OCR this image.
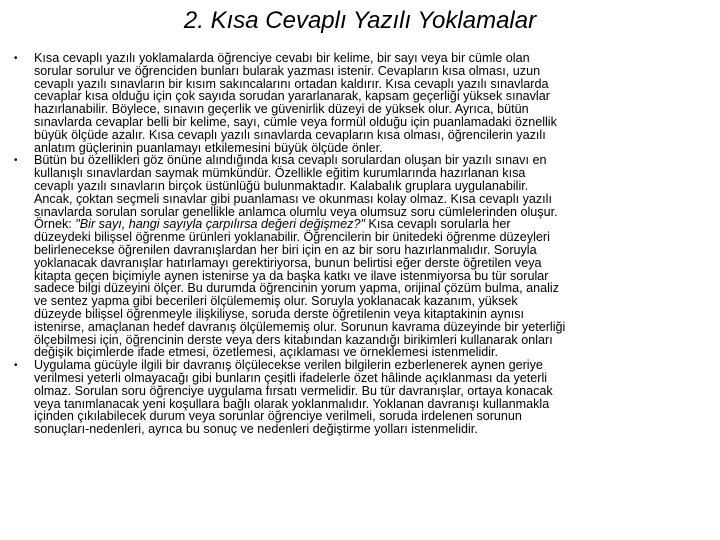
2. Kısa Cevaplı Yazılı Yoklamalar
• Kısa cevaplı yazılı yoklamalarda öğrenciye cevabı bir kelime, bir sayı veya bir cümle olan
sorular sorulur ve öğrenciden bunları bularak yazması istenir. Cevapların kısa olması, uzun
cevaplı yazılı sınavların bir kısım sakıncalarını ortadan kaldırır. Kısa cevaplı yazılı sınavlarda
cevaplar kısa olduğu için çok sayıda sorudan yararlanarak, kapsam geçerliği yüksek sınavlar
hazırlanabilir. Böylece, sınavın geçerlik ve güvenirlik düzeyi de yüksek olur. Ayrıca, bütün
sınavlarda cevaplar belli bir kelime, sayı, cümle veya formül olduğu için puanlamadaki öznellik
büyük ölçüde azalır. Kısa cevaplı yazılı sınavlarda cevapların kısa olması, öğrencilerin yazılı
anlatım güçlerinin puanlamayı etkilemesini büyük ölçüde önler.
• Bütün bu özellikleri göz önüne alındığında kısa cevaplı sorulardan oluşan bir yazılı sınavı en
kullanışlı sınavlardan saymak mümkündür. Özellikle eğitim kurumlarında hazırlanan kısa
cevaplı yazılı sınavların birçok üstünlüğü bulunmaktadır. Kalabalık gruplara uygulanabilir.
Ancak, çoktan seçmeli sınavlar gibi puanlaması ve okunması kolay olmaz. Kısa cevaplı yazılı
sınavlarda sorulan sorular genellikle anlamca olumlu veya olumsuz soru cümlelerinden oluşur.
Örnek: "Bir sayı, hangi sayıyla çarpılırsa değeri değişmez?" Kısa cevaplı sorularla her
düzeydeki bilişsel öğrenme ürünleri yoklanabilir. Öğrencilerin bir ünitedeki öğrenme düzeyleri
belirlenecekse öğrenilen davranışlardan her biri için en az bir soru hazırlanmalıdır. Soruyla
yoklanacak davranışlar hatırlamayı gerektiriyorsa, bunun belirtisi eğer derste öğretilen veya
kitapta geçen biçimiyle aynen istenirse ya da başka katkı ve ilave istenmiyorsa bu tür sorular
sadece bilgi düzeyini ölçer. Bu durumda öğrencinin yorum yapma, orijinal çözüm bulma, analiz
ve sentez yapma gibi becerileri ölçülememiş olur. Soruyla yoklanacak kazanım, yüksek
düzeyde bilişsel öğrenmeyle ilişkiliyse, soruda derste öğretilenin veya kitaptakinin aynısı
istenirse, amaçlanan hedef davranış ölçülememiş olur. Sorunun kavrama düzeyinde bir yeterliği
ölçebilmesi için, öğrencinin derste veya ders kitabından kazandığı birikimleri kullanarak onları
değişik biçimlerde ifade etmesi, özetlemesi, açıklaması ve örneklemesi istenmelidir.
• Uygulama gücüyle ilgili bir davranış ölçülecekse verilen bilgilerin ezberlenerek aynen geriye
verilmesi yeterli olmayacağı gibi bunların çeşitli ifadelerle özet hâlinde açıklanması da yeterli
olmaz. Sorulan soru öğrenciye uygulama fırsatı vermelidir. Bu tür davranışlar, ortaya konacak
veya tanımlanacak yeni koşullara bağlı olarak yoklanmalıdır. Yoklanan davranışı kullanmakla
içinden çıkılabilecek durum veya sorunlar öğrenciye verilmeli, soruda irdelenen sorunun
sonuçları-nedenleri, ayrıca bu sonuç ve nedenleri değiştirme yolları istenmelidir.
